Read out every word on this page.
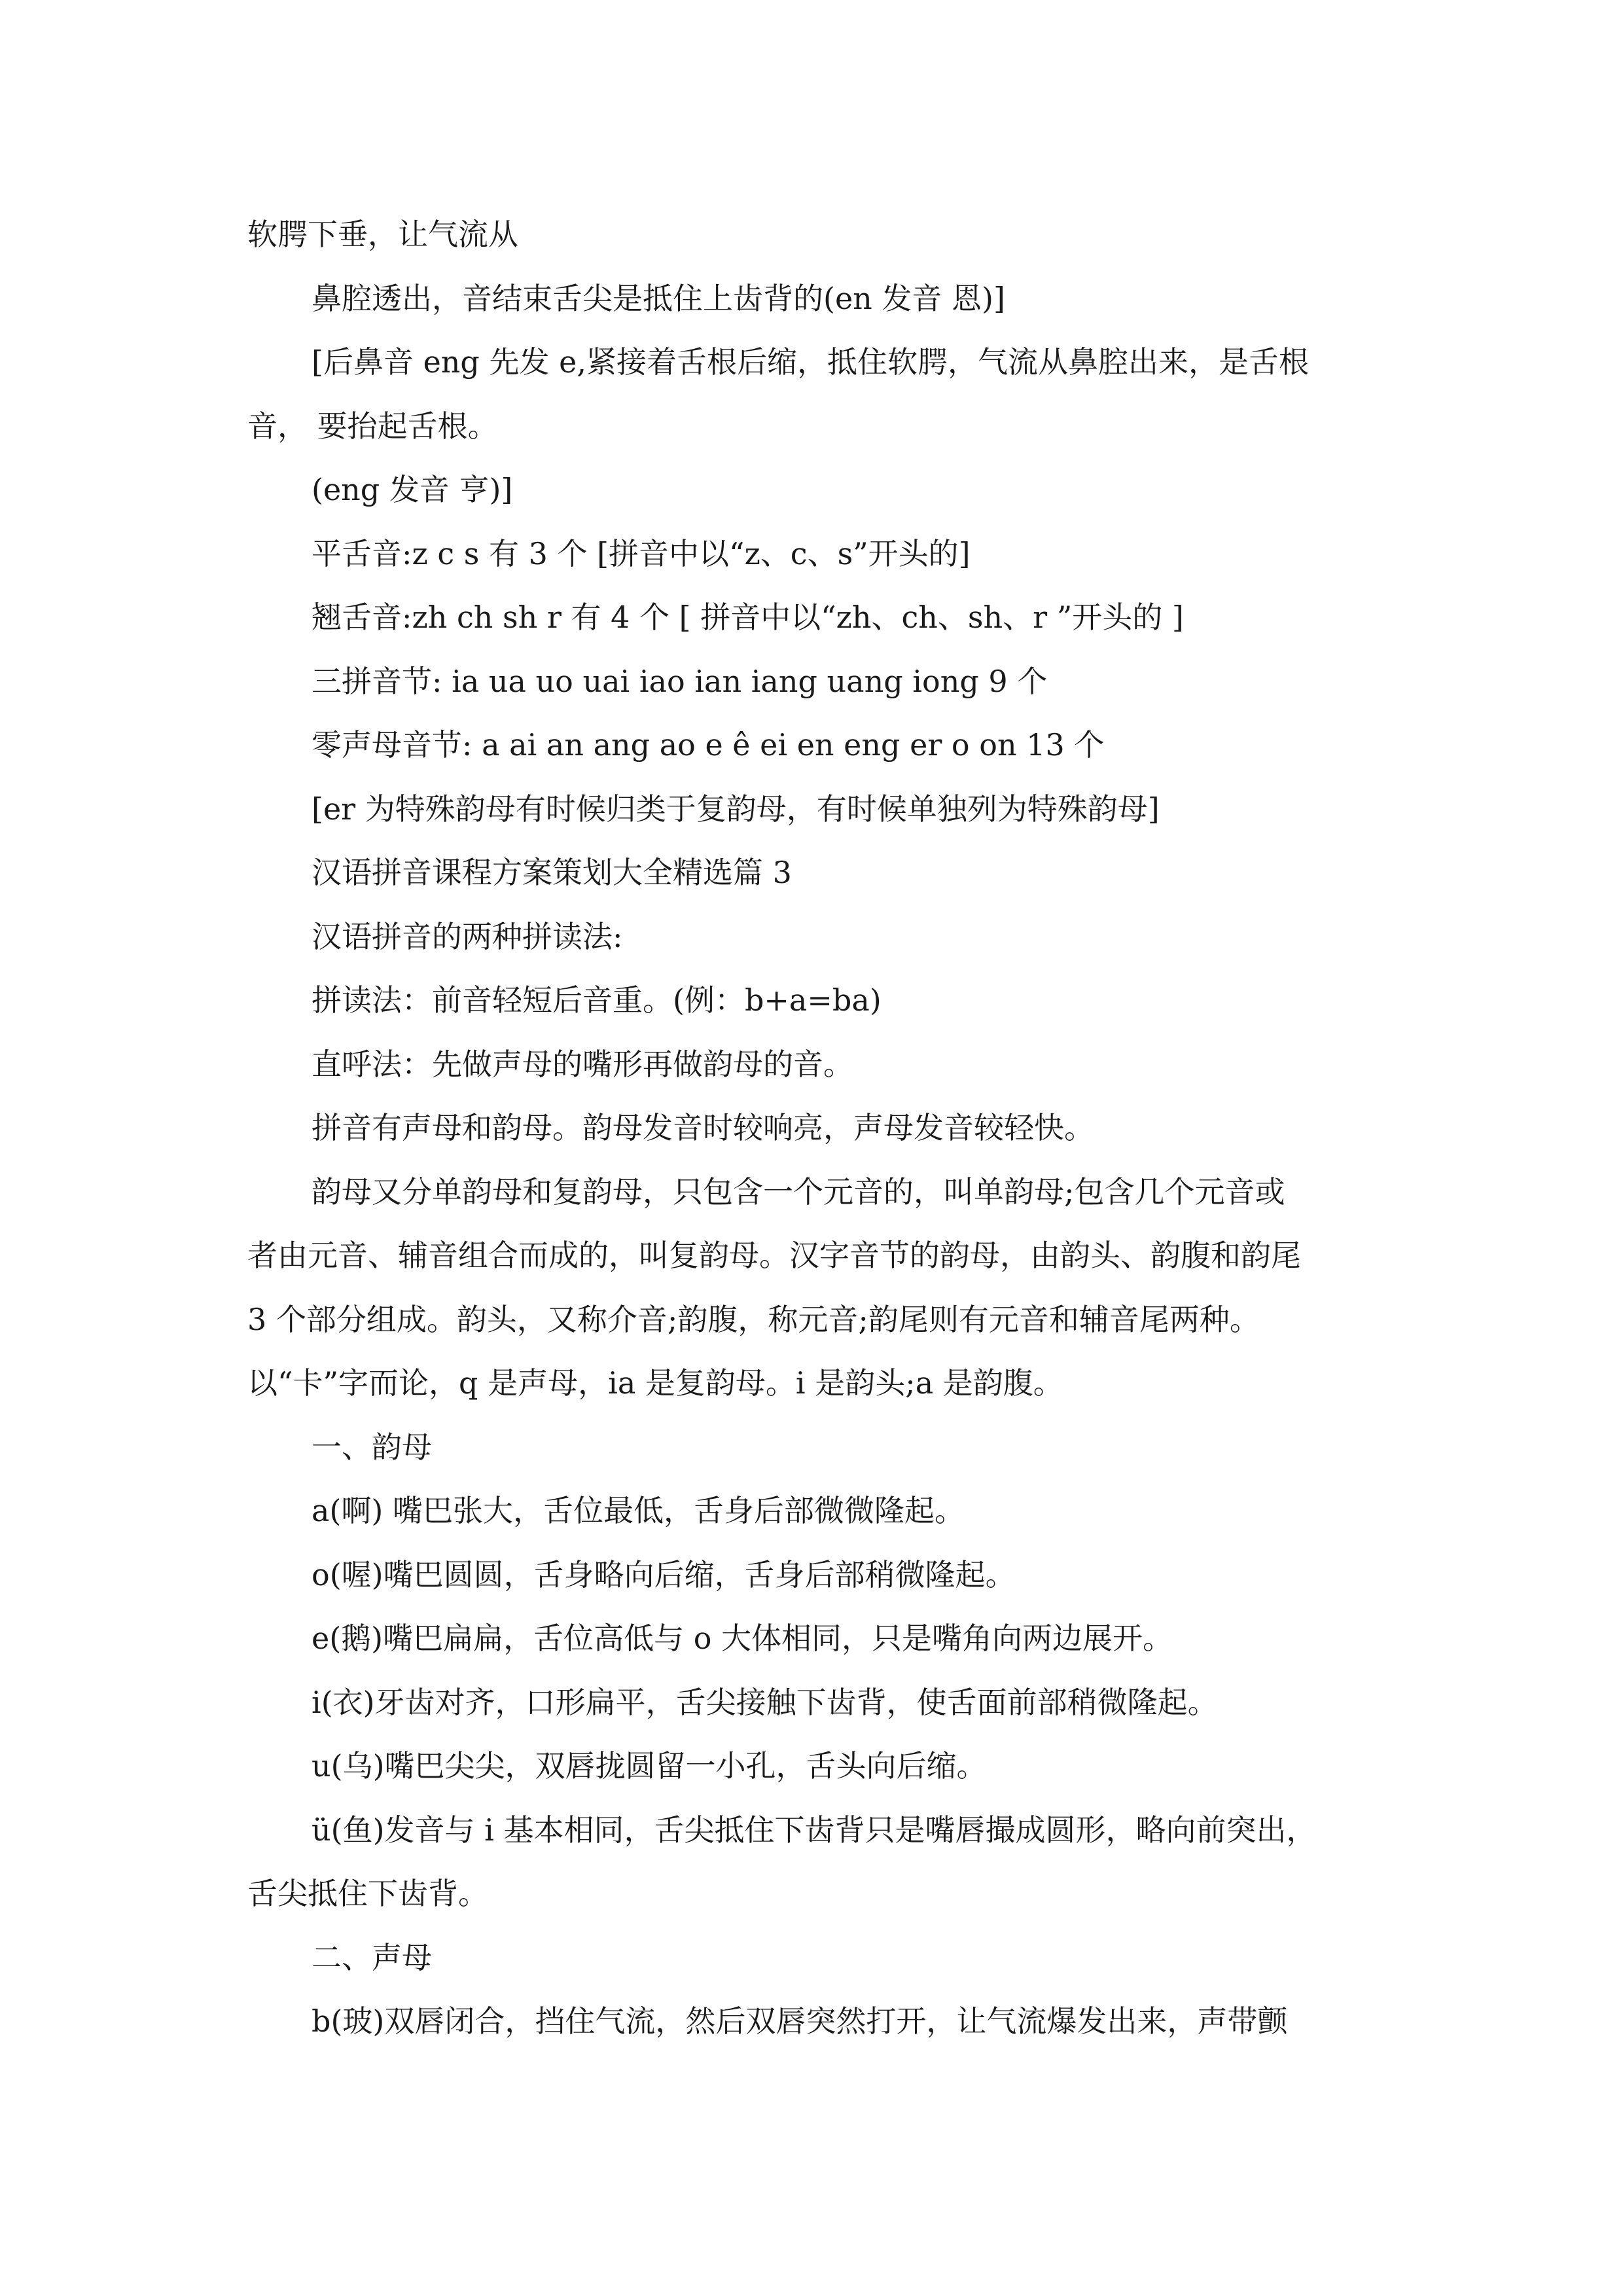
软腭下垂，让气流从

鼻腔透出，音结束舌尖是抵住上齿背的(en 发音 恩)]

[后鼻音 eng 先发 e,紧接着舌根后缩，抵住软腭，气流从鼻腔出来，是舌根

音， 要抬起舌根。

(eng 发音 亨)]

平舌音:z c s 有 3 个 [拼音中以“z、c、s”开头的]

翘舌音:zh ch sh r 有 4 个 [ 拼音中以“zh、ch、sh、r ”开头的 ]

三拼音节: ia ua uo uai iao ian iang uang iong 9 个

零声母音节: a ai an ang ao e ê ei en eng er o on 13 个

[er 为特殊韵母有时候归类于复韵母，有时候单独列为特殊韵母]

汉语拼音课程方案策划大全精选篇 3

汉语拼音的两种拼读法:

拼读法：前音轻短后音重。(例：b+a=ba)

直呼法：先做声母的嘴形再做韵母的音。

拼音有声母和韵母。韵母发音时较响亮，声母发音较轻快。

韵母又分单韵母和复韵母，只包含一个元音的，叫单韵母;包含几个元音或

者由元音、辅音组合而成的，叫复韵母。汉字音节的韵母，由韵头、韵腹和韵尾

3 个部分组成。韵头，又称介音;韵腹，称元音;韵尾则有元音和辅音尾两种。

以“卡”字而论，q 是声母，ia 是复韵母。i 是韵头;a 是韵腹。

一、韵母

a(啊) 嘴巴张大，舌位最低，舌身后部微微隆起。

o(喔)嘴巴圆圆，舌身略向后缩，舌身后部稍微隆起。

e(鹅)嘴巴扁扁，舌位高低与 o 大体相同，只是嘴角向两边展开。

i(衣)牙齿对齐，口形扁平，舌尖接触下齿背，使舌面前部稍微隆起。

u(乌)嘴巴尖尖，双唇拢圆留一小孔，舌头向后缩。

ü(鱼)发音与 i 基本相同，舌尖抵住下齿背只是嘴唇撮成圆形，略向前突出，

舌尖抵住下齿背。

二、声母

b(玻)双唇闭合，挡住气流，然后双唇突然打开，让气流爆发出来，声带颤
